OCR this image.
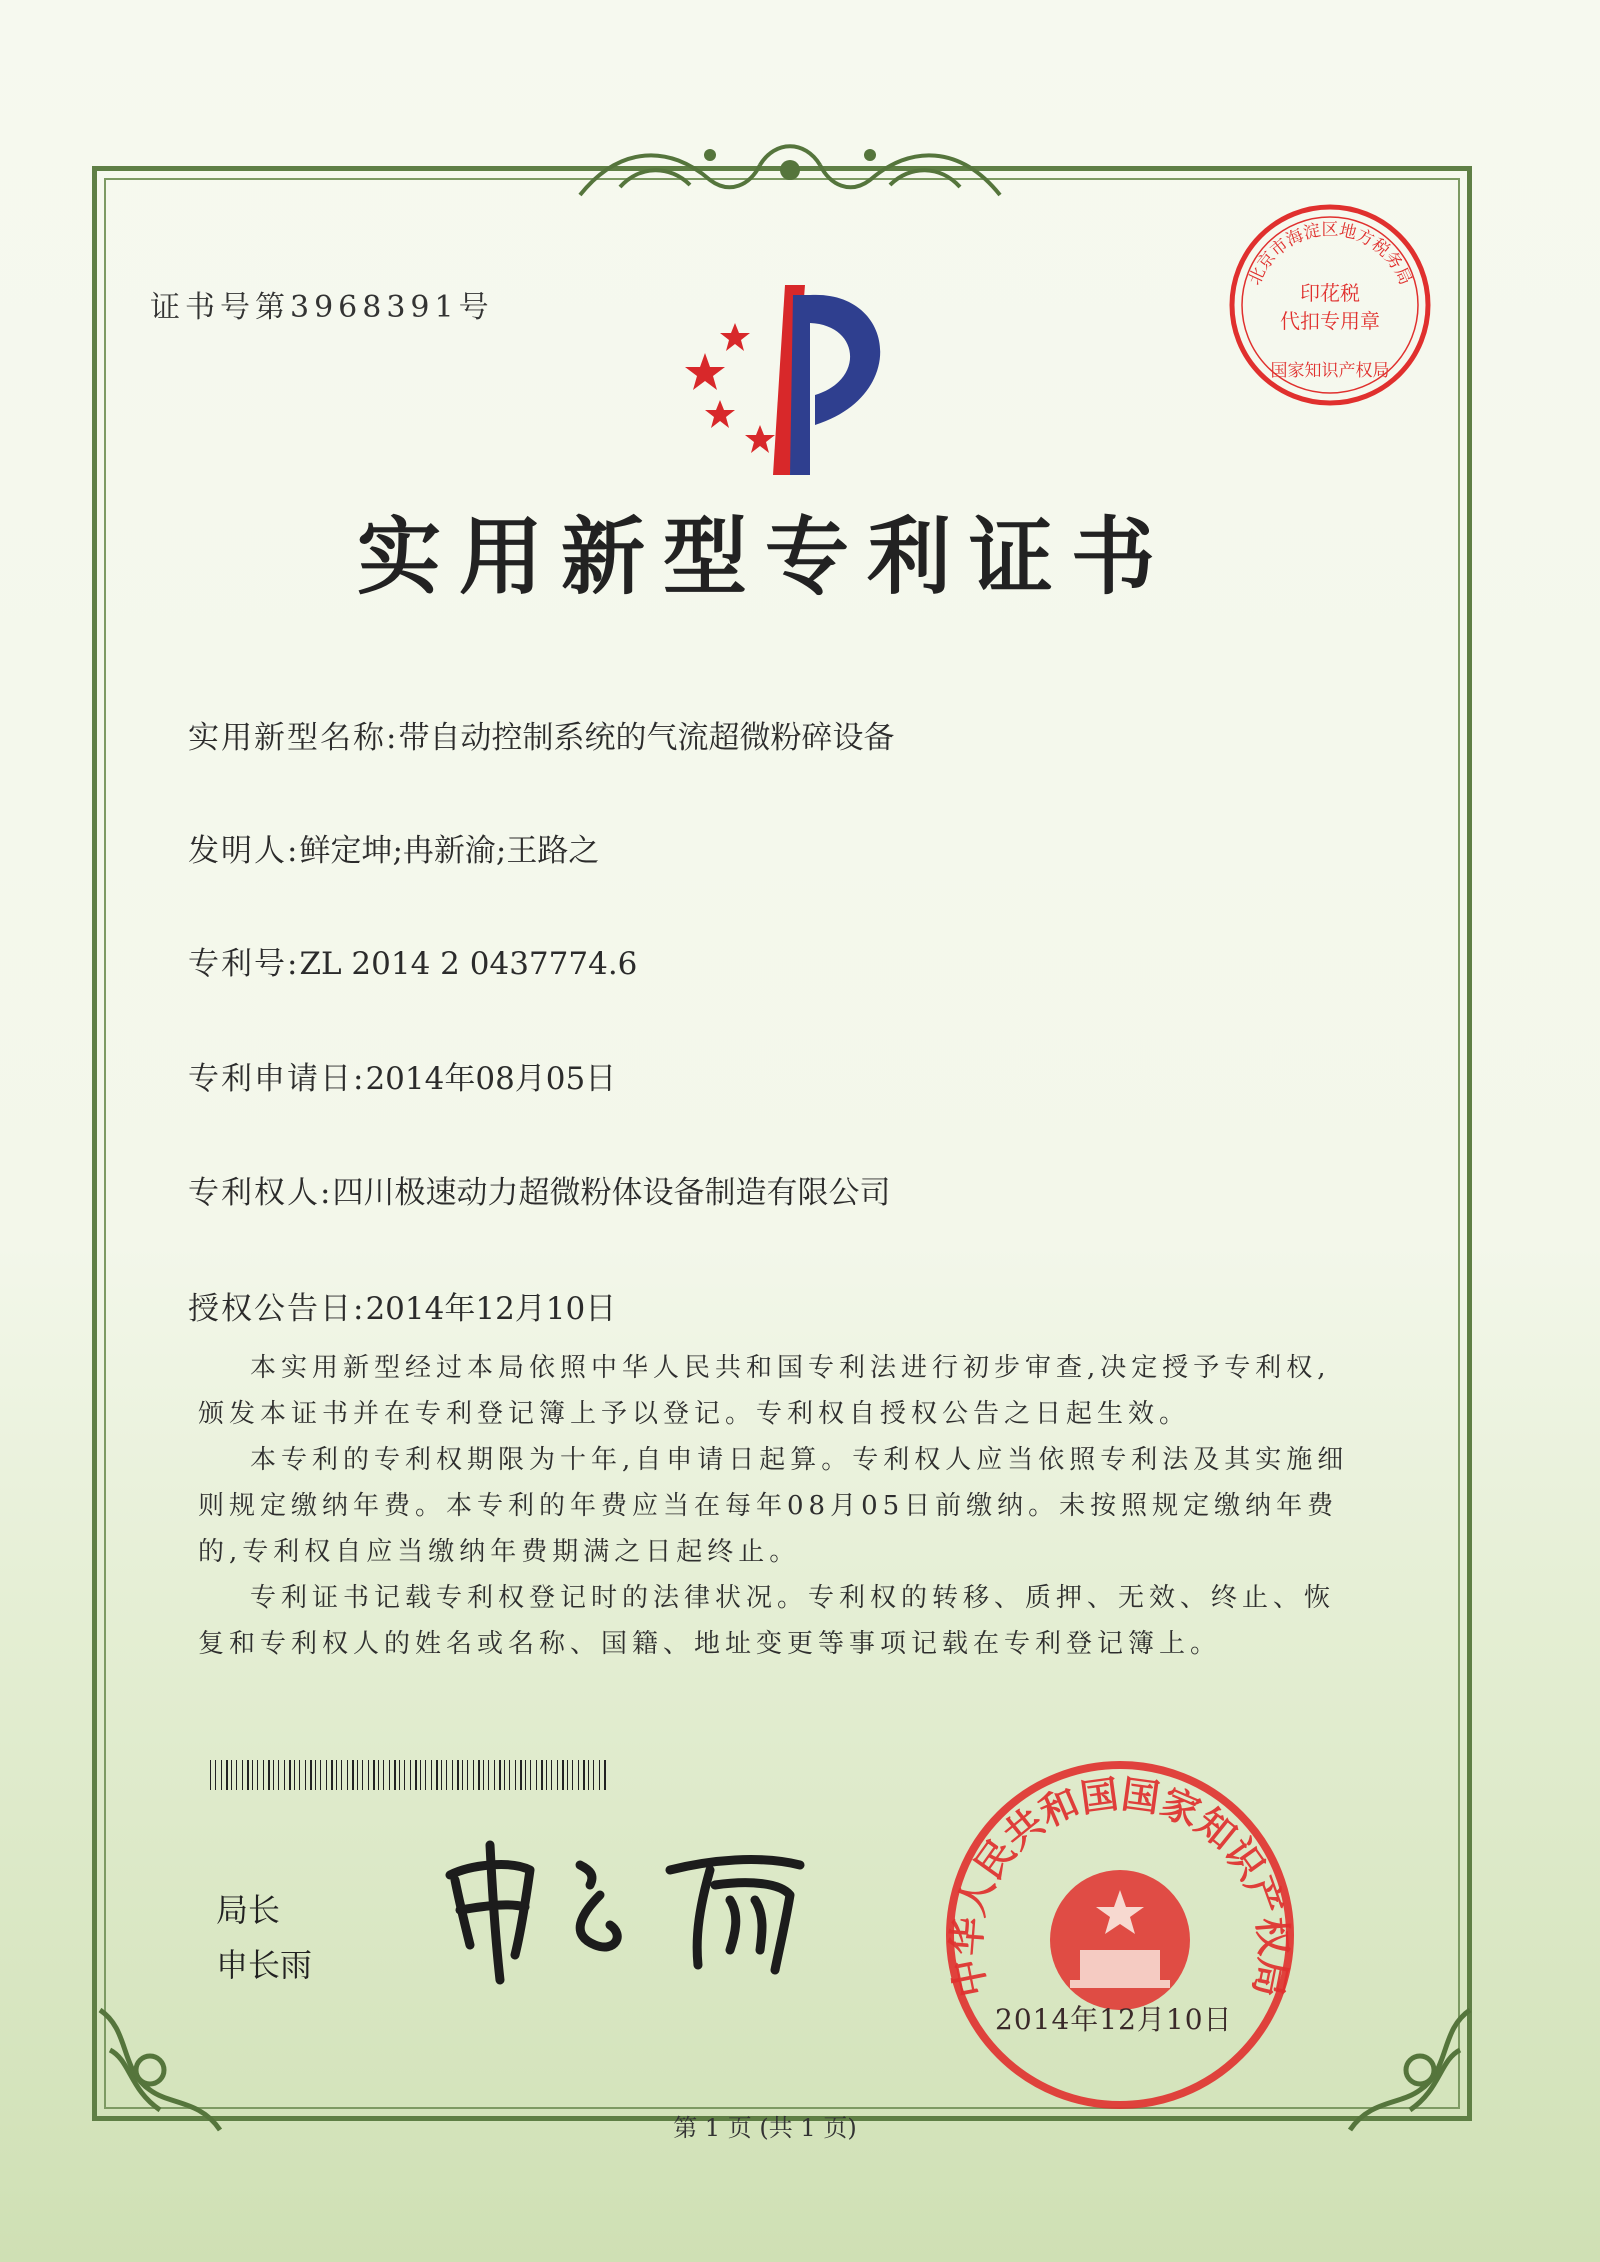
证书号第3968391号
北京市海淀区地方税务局
印花税
代扣专用章
国家知识产权局
实用新型专利证书
实用新型名称:带自动控制系统的气流超微粉碎设备
发明人:鲜定坤;冉新渝;王路之
专利号:ZL 2014 2 0437774.6
专利申请日:2014年08月05日
专利权人:四川极速动力超微粉体设备制造有限公司
授权公告日:2014年12月10日
本实用新型经过本局依照中华人民共和国专利法进行初步审查,决定授予专利权,颁发本证书并在专利登记簿上予以登记。专利权自授权公告之日起生效。
本专利的专利权期限为十年,自申请日起算。专利权人应当依照专利法及其实施细则规定缴纳年费。本专利的年费应当在每年08月05日前缴纳。未按照规定缴纳年费的,专利权自应当缴纳年费期满之日起终止。
专利证书记载专利权登记时的法律状况。专利权的转移、质押、无效、终止、恢复和专利权人的姓名或名称、国籍、地址变更等事项记载在专利登记簿上。
局长
申长雨	中华人民共和国国家知识产权局
2014年12月10日
第 1 页 (共 1 页)
